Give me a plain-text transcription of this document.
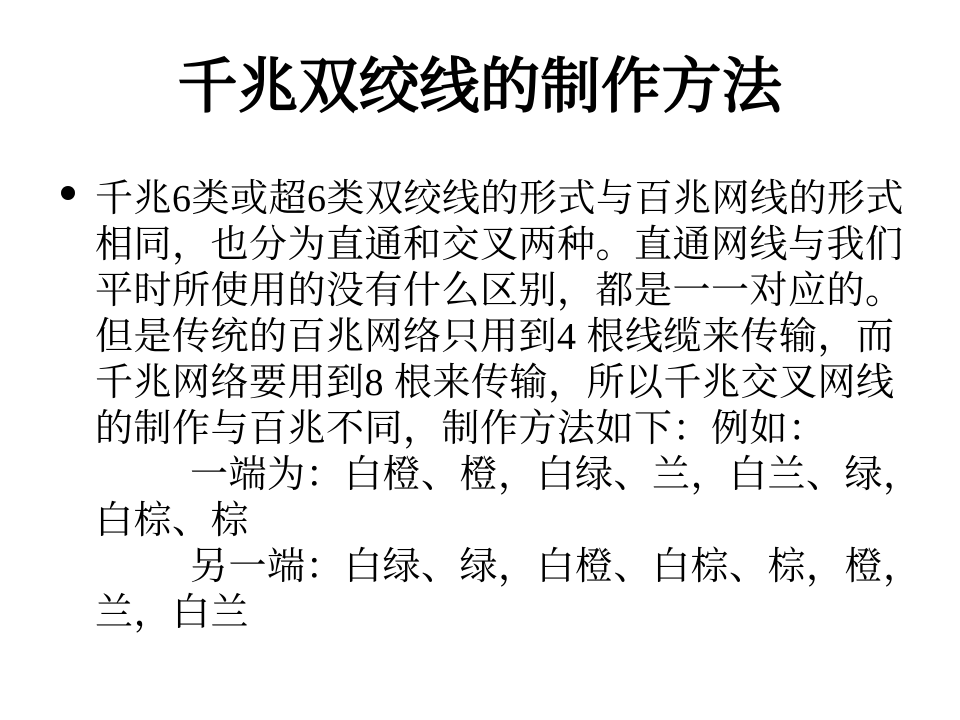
千兆双绞线的制作方法
千兆6类或超6类双绞线的形式与百兆网线的形式
相同，也分为直通和交叉两种。直通网线与我们
平时所使用的没有什么区别，都是一一对应的。
但是传统的百兆网络只用到4 根线缆来传输，而
千兆网络要用到8 根来传输，所以千兆交叉网线
的制作与百兆不同，制作方法如下：例如：
一端为：白橙、橙，白绿、兰，白兰、绿，
白棕、棕
另一端：白绿、绿，白橙、白棕、棕，橙，
兰，白兰
